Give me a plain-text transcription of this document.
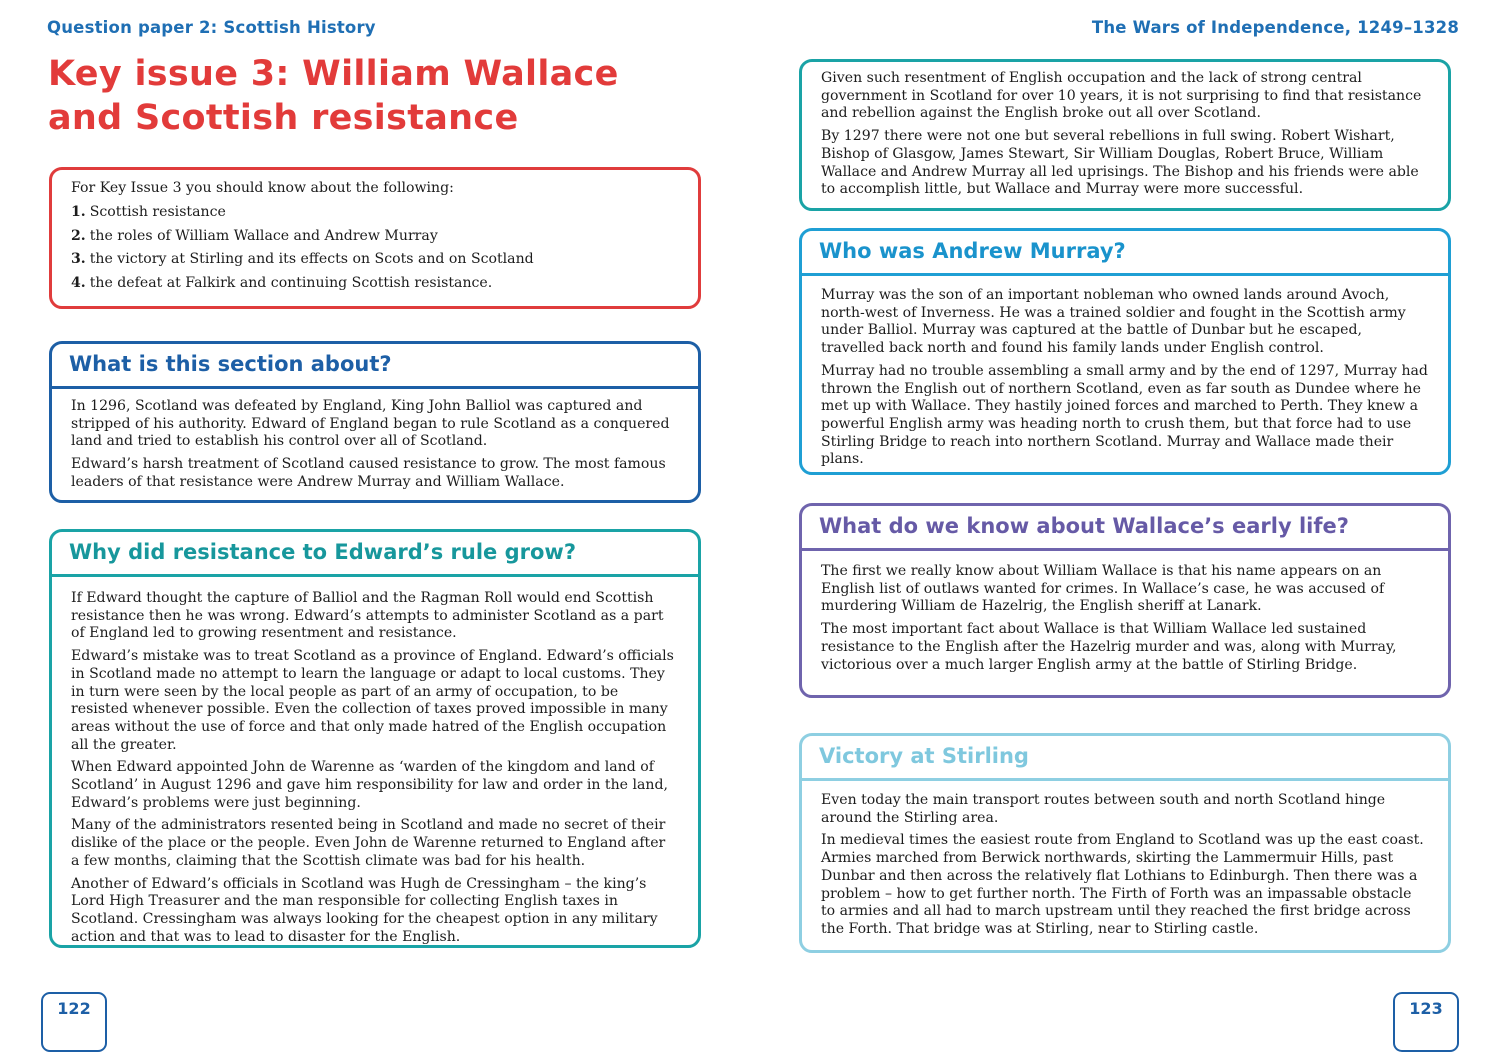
Question paper 2: Scottish History	The Wars of Independence, 1249–1328
Key issue 3: William Wallace
and Scottish resistance

For Key Issue 3 you should know about the following:

1. Scottish resistance
2. the roles of William Wallace and Andrew Murray
3. the victory at Stirling and its effects on Scots and on Scotland
4. the defeat at Falkirk and continuing Scottish resistance.
What is this section about?

In 1296, Scotland was defeated by England, King John Balliol was captured and stripped of his authority. Edward of England began to rule Scotland as a conquered land and tried to establish his control over all of Scotland.

Edward’s harsh treatment of Scotland caused resistance to grow. The most famous leaders of that resistance were Andrew Murray and William Wallace.

Why did resistance to Edward’s rule grow?

If Edward thought the capture of Balliol and the Ragman Roll would end Scottish resistance then he was wrong. Edward’s attempts to administer Scotland as a part of England led to growing resentment and resistance.

Edward’s mistake was to treat Scotland as a province of England. Edward’s officials in Scotland made no attempt to learn the language or adapt to local customs. They in turn were seen by the local people as part of an army of occupation, to be resisted whenever possible. Even the collection of taxes proved impossible in many areas without the use of force and that only made hatred of the English occupation all the greater.

When Edward appointed John de Warenne as ‘warden of the kingdom and land of Scotland’ in August 1296 and gave him responsibility for law and order in the land, Edward’s problems were just beginning.

Many of the administrators resented being in Scotland and made no secret of their dislike of the place or the people. Even John de Warenne returned to England after a few months, claiming that the Scottish climate was bad for his health.

Another of Edward’s officials in Scotland was Hugh de Cressingham – the king’s Lord High Treasurer and the man responsible for collecting English taxes in Scotland. Cressingham was always looking for the cheapest option in any military action and that was to lead to disaster for the English.

Given such resentment of English occupation and the lack of strong central government in Scotland for over 10 years, it is not surprising to find that resistance and rebellion against the English broke out all over Scotland.

By 1297 there were not one but several rebellions in full swing. Robert Wishart, Bishop of Glasgow, James Stewart, Sir William Douglas, Robert Bruce, William Wallace and Andrew Murray all led uprisings. The Bishop and his friends were able to accomplish little, but Wallace and Murray were more successful.

Who was Andrew Murray?

Murray was the son of an important nobleman who owned lands around Avoch, north-west of Inverness. He was a trained soldier and fought in the Scottish army under Balliol. Murray was captured at the battle of Dunbar but he escaped, travelled back north and found his family lands under English control.

Murray had no trouble assembling a small army and by the end of 1297, Murray had thrown the English out of northern Scotland, even as far south as Dundee where he met up with Wallace. They hastily joined forces and marched to Perth. They knew a powerful English army was heading north to crush them, but that force had to use Stirling Bridge to reach into northern Scotland. Murray and Wallace made their plans.

What do we know about Wallace’s early life?

The first we really know about William Wallace is that his name appears on an English list of outlaws wanted for crimes. In Wallace’s case, he was accused of murdering William de Hazelrig, the English sheriff at Lanark.

The most important fact about Wallace is that William Wallace led sustained resistance to the English after the Hazelrig murder and was, along with Murray, victorious over a much larger English army at the battle of Stirling Bridge.

Victory at Stirling

Even today the main transport routes between south and north Scotland hinge around the Stirling area.

In medieval times the easiest route from England to Scotland was up the east coast. Armies marched from Berwick northwards, skirting the Lammermuir Hills, past Dunbar and then across the relatively flat Lothians to Edinburgh. Then there was a problem – how to get further north. The Firth of Forth was an impassable obstacle to armies and all had to march upstream until they reached the first bridge across the Forth. That bridge was at Stirling, near to Stirling castle.

122	123
